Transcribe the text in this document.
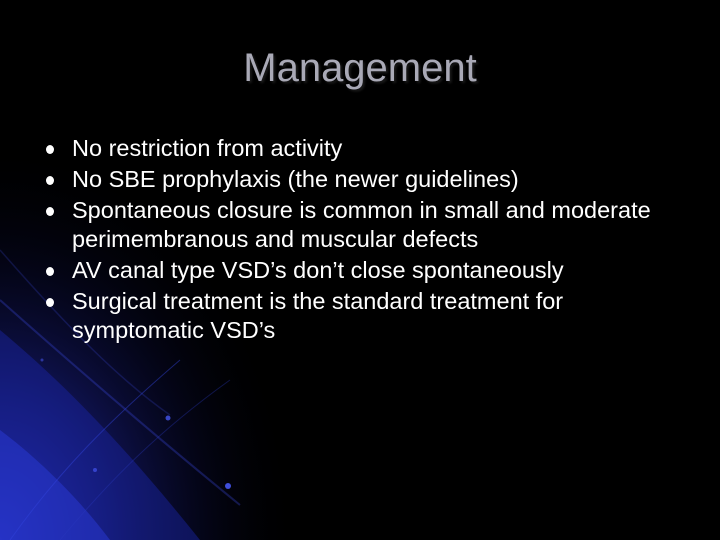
Management
No restriction from activity
No SBE prophylaxis (the newer guidelines)
Spontaneous closure is common in small and moderate perimembranous and muscular defects
AV canal type VSD’s don’t close spontaneously
Surgical treatment is the standard treatment for symptomatic VSD’s
